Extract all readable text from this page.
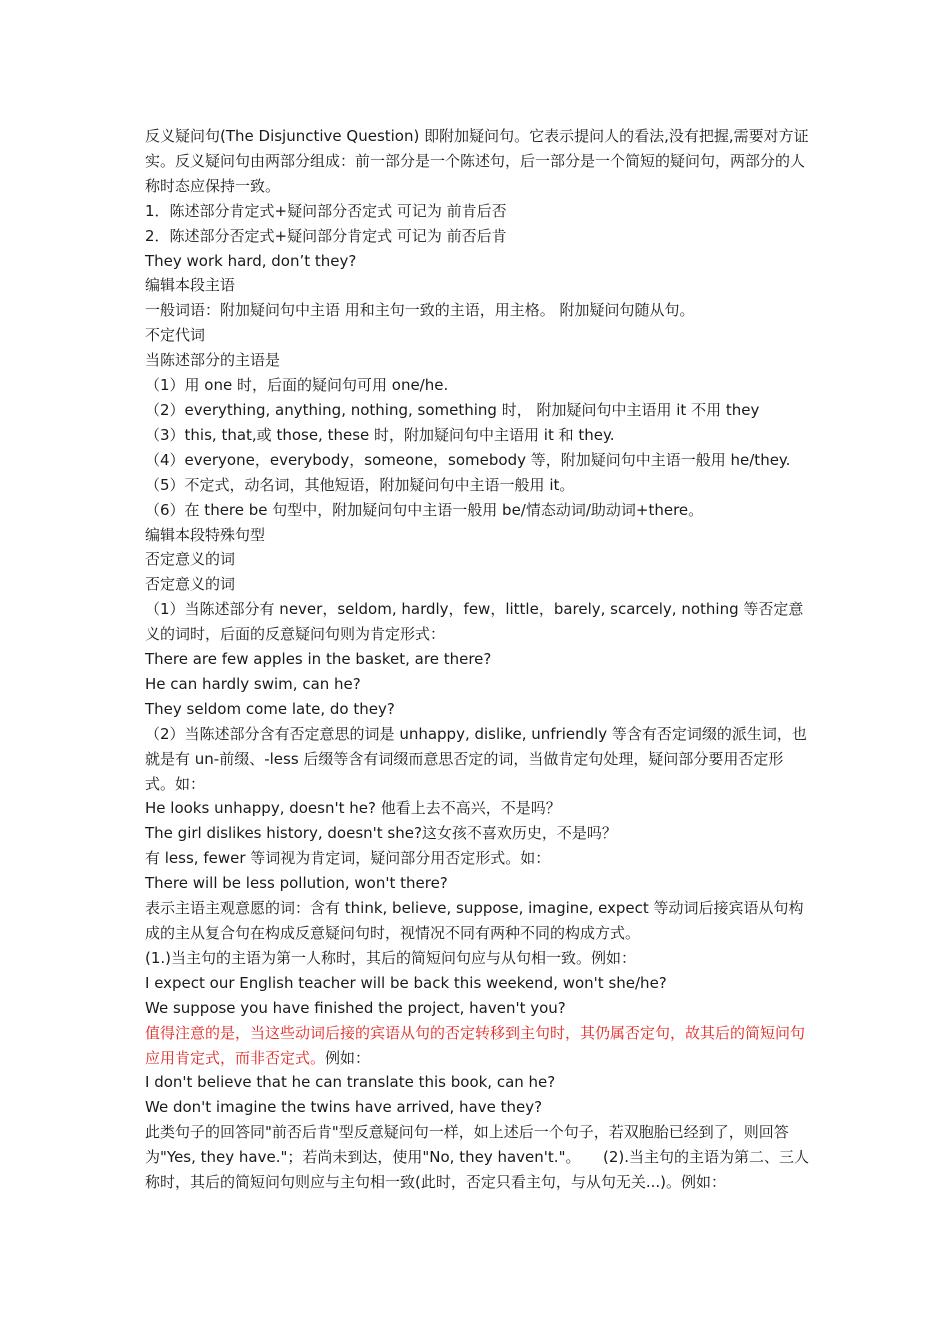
反义疑问句(The Disjunctive Question) 即附加疑问句。它表示提问人的看法,没有把握,需要对方证实。反义疑问句由两部分组成：前一部分是一个陈述句，后一部分是一个简短的疑问句，两部分的人称时态应保持一致。
1．陈述部分肯定式+疑问部分否定式 可记为 前肯后否
2．陈述部分否定式+疑问部分肯定式 可记为 前否后肯
They work hard, don’t they?
编辑本段主语
一般词语：附加疑问句中主语 用和主句一致的主语，用主格。 附加疑问句随从句。
不定代词
当陈述部分的主语是
（1）用 one 时，后面的疑问句可用 one/he.
（2）everything, anything, nothing, something 时， 附加疑问句中主语用 it 不用 they
（3）this, that,或 those, these 时，附加疑问句中主语用 it 和 they.
（4）everyone，everybody，someone，somebody 等，附加疑问句中主语一般用 he/they.
（5）不定式，动名词，其他短语，附加疑问句中主语一般用 it。
（6）在 there be 句型中，附加疑问句中主语一般用 be/情态动词/助动词+there。
编辑本段特殊句型
否定意义的词
否定意义的词
（1）当陈述部分有 never，seldom, hardly，few，little，barely, scarcely, nothing 等否定意义的词时，后面的反意疑问句则为肯定形式：
There are few apples in the basket, are there?
He can hardly swim, can he?
They seldom come late, do they?
（2）当陈述部分含有否定意思的词是 unhappy, dislike, unfriendly 等含有否定词缀的派生词，也就是有 un-前缀、-less 后缀等含有词缀而意思否定的词，当做肯定句处理，疑问部分要用否定形式。如：
He looks unhappy, doesn't he? 他看上去不高兴，不是吗？
The girl dislikes history, doesn't she?这女孩不喜欢历史，不是吗？
有 less, fewer 等词视为肯定词，疑问部分用否定形式。如：
There will be less pollution, won't there?
表示主语主观意愿的词：含有 think, believe, suppose, imagine, expect 等动词后接宾语从句构成的主从复合句在构成反意疑问句时，视情况不同有两种不同的构成方式。
(1.)当主句的主语为第一人称时，其后的简短问句应与从句相一致。例如：
I expect our English teacher will be back this weekend, won't she/he?
We suppose you have finished the project, haven't you?
值得注意的是，当这些动词后接的宾语从句的否定转移到主句时，其仍属否定句，故其后的简短问句应用肯定式，而非否定式。例如：
I don't believe that he can translate this book, can he?
We don't imagine the twins have arrived, have they?
此类句子的回答同"前否后肯"型反意疑问句一样，如上述后一个句子，若双胞胎已经到了，则回答为"Yes, they have."；若尚未到达，使用"No, they haven't."。　　(2).当主句的主语为第二、三人称时，其后的简短问句则应与主句相一致(此时，否定只看主句，与从句无关...)。例如：
